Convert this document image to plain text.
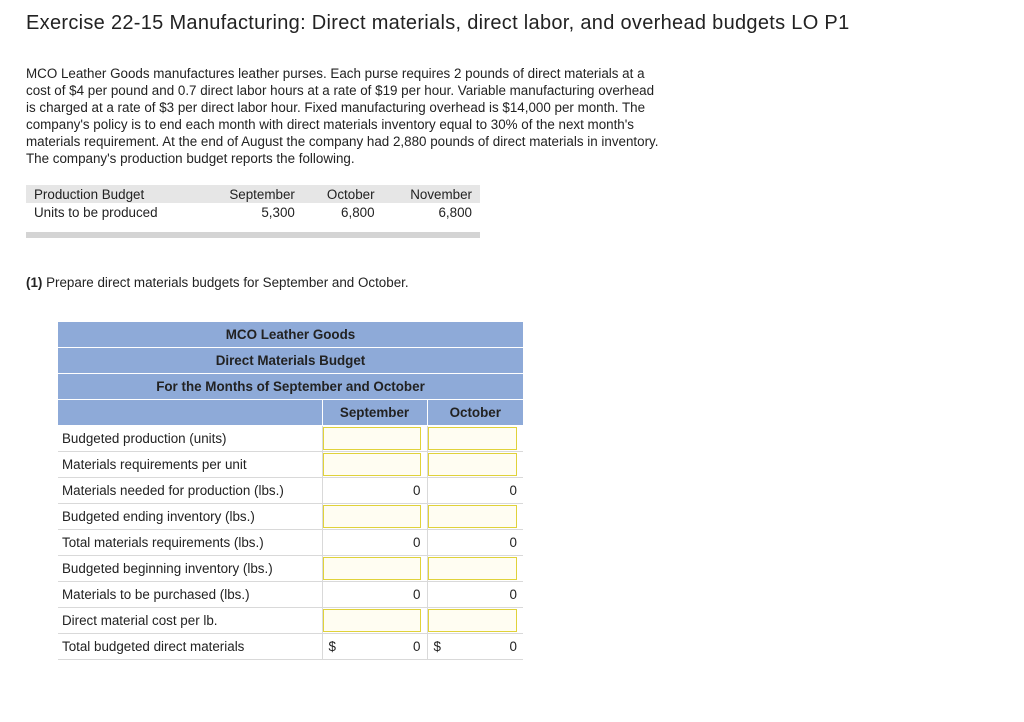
Exercise 22-15 Manufacturing: Direct materials, direct labor, and overhead budgets LO P1

MCO Leather Goods manufactures leather purses. Each purse requires 2 pounds of direct materials at a

cost of $4 per pound and 0.7 direct labor hours at a rate of $19 per hour. Variable manufacturing overhead

is charged at a rate of $3 per direct labor hour. Fixed manufacturing overhead is $14,000 per month. The

company's policy is to end each month with direct materials inventory equal to 30% of the next month's

materials requirement. At the end of August the company had 2,880 pounds of direct materials in inventory.

The company's production budget reports the following.

Production Budget	September	October	November
Units to be produced	5,300	6,800	6,800
(1) Prepare direct materials budgets for September and October.
MCO Leather Goods		
Direct Materials Budget		
For the Months of September and October		
	September	October
Budgeted production (units)	

Materials requirements per unit	

Materials needed for production (lbs.)	0	0
Budgeted ending inventory (lbs.)	

Total materials requirements (lbs.)	0	0
Budgeted beginning inventory (lbs.)	

Materials to be purchased (lbs.)	0	0
Direct material cost per lb.	

Total budgeted direct materials	$ 0	$ 0
